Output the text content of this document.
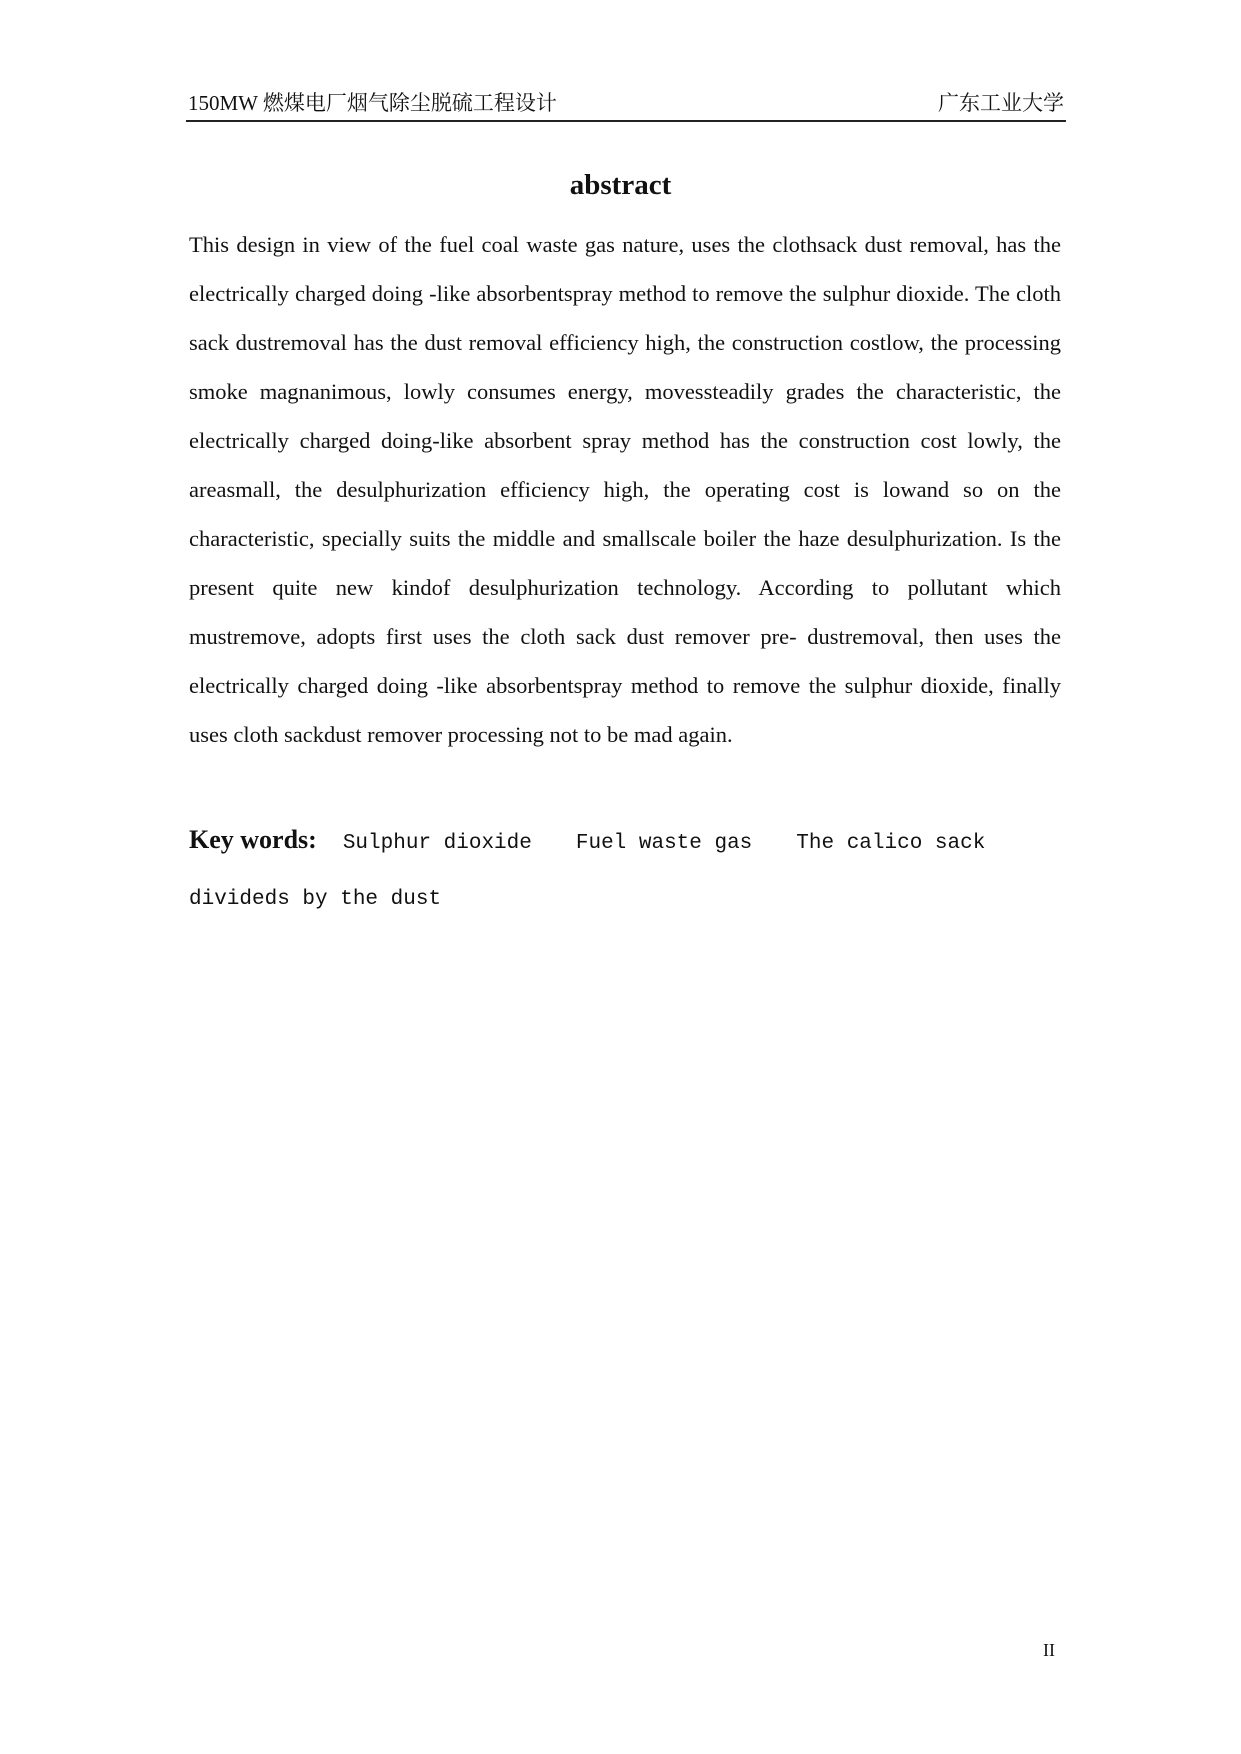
150MW 燃煤电厂烟气除尘脱硫工程设计	广东工业大学
abstract

This design in view of the fuel coal waste gas nature, uses the clothsack dust removal, has the electrically charged doing -like absorbentspray method to remove the sulphur dioxide. The cloth sack dustremoval has the dust removal efficiency high, the construction costlow, the processing smoke magnanimous, lowly consumes energy, movessteadily grades the characteristic, the electrically charged doing-like absorbent spray method has the construction cost lowly, the areasmall, the desulphurization efficiency high, the operating cost is lowand so on the characteristic, specially suits the middle and smallscale boiler the haze desulphurization. Is the present quite new kindof desulphurization technology. According to pollutant which mustremove, adopts first uses the cloth sack dust remover pre- dustremoval, then uses the electrically charged doing -like absorbentspray method to remove the sulphur dioxide, finally uses cloth sackdust remover processing not to be mad again.

Key words: Sulphur dioxide Fuel waste gas The calico sack divideds by the dust

II
